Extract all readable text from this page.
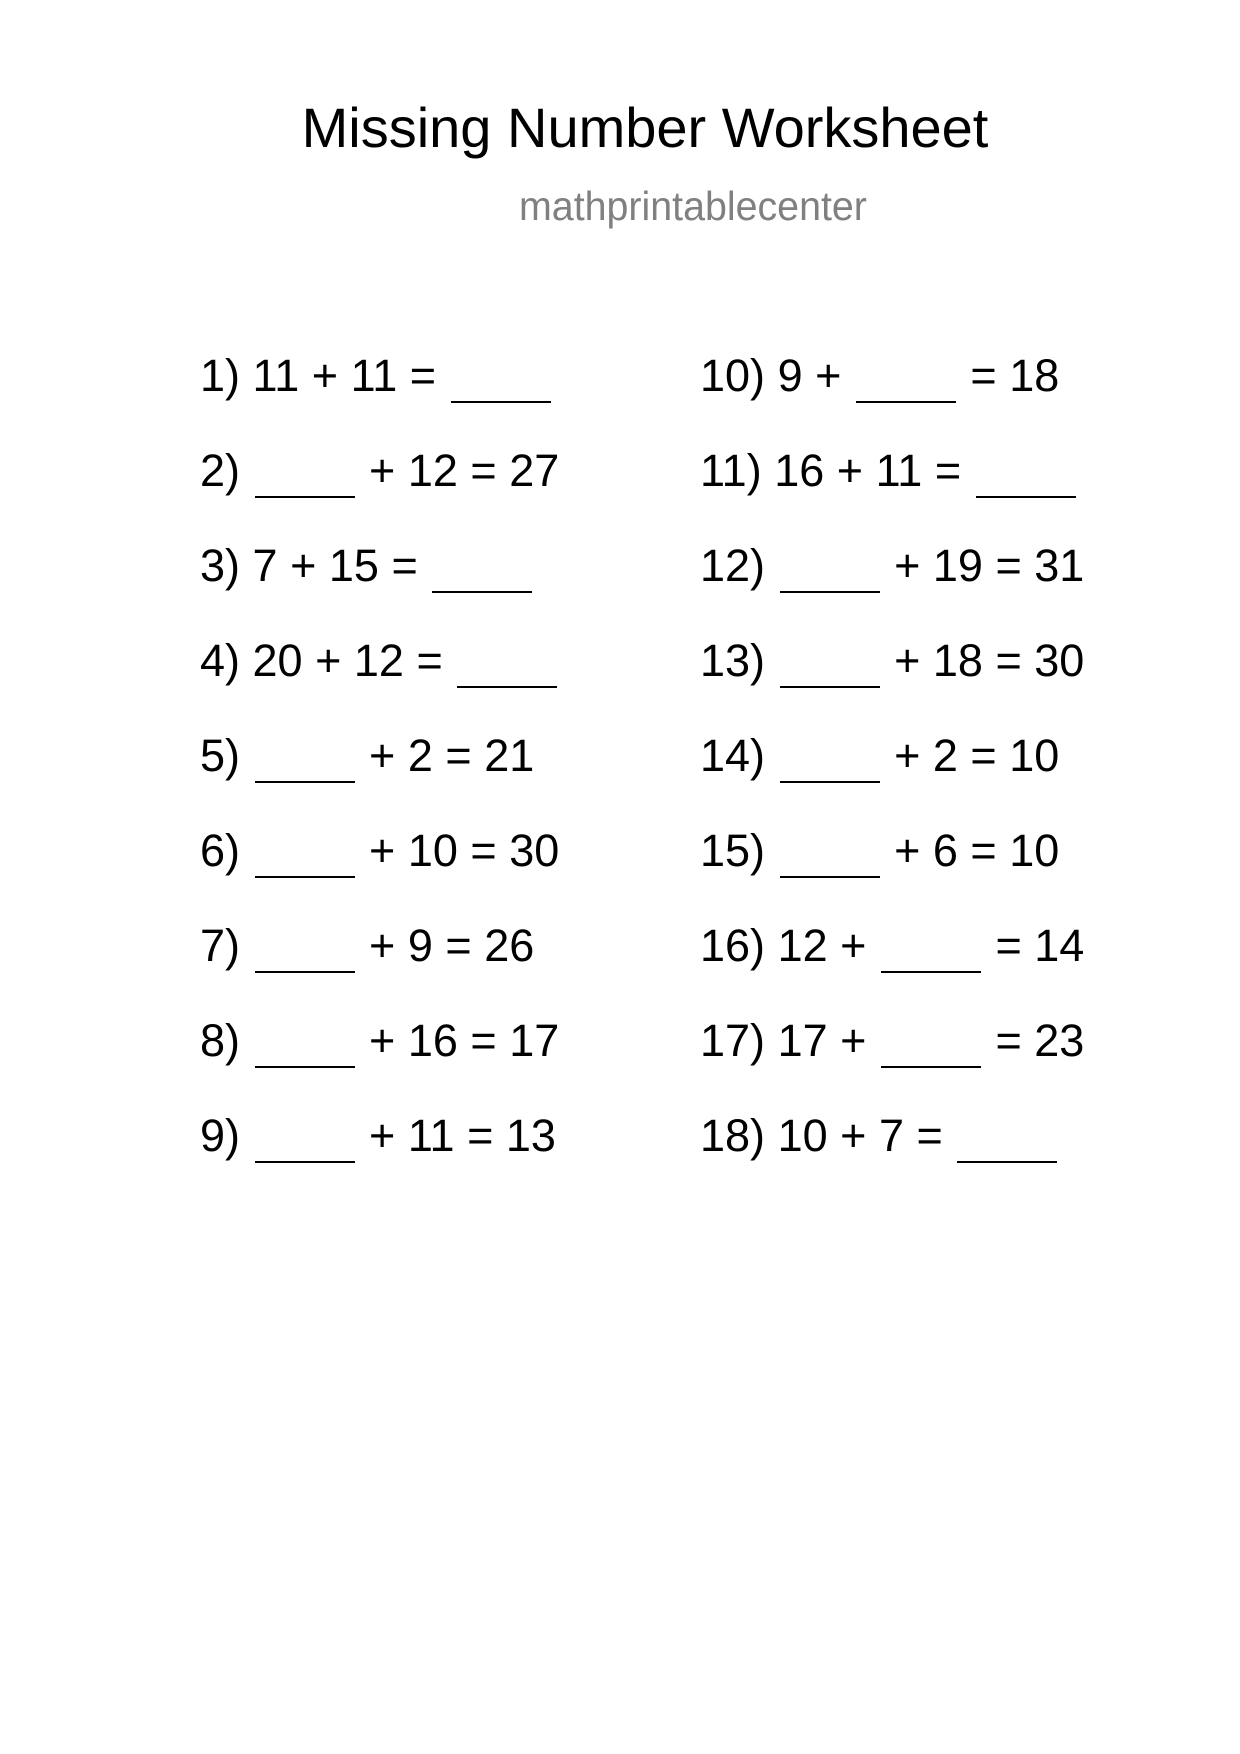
Missing Number Worksheet
mathprintablecenter
1) 11 + 11 =
2)	+ 12 = 27
3) 7 + 15 =
4) 20 + 12 =
5)	+ 2 = 21
6)	+ 10 = 30
7)	+ 9 = 26
8)	+ 16 = 17
9)	+ 11 = 13
10) 9 +	= 18
11) 16 + 11 =
12)	+ 19 = 31
13)	+ 18 = 30
14)	+ 2 = 10
15)	+ 6 = 10
16) 12 +	= 14
17) 17 +	= 23
18) 10 + 7 =
